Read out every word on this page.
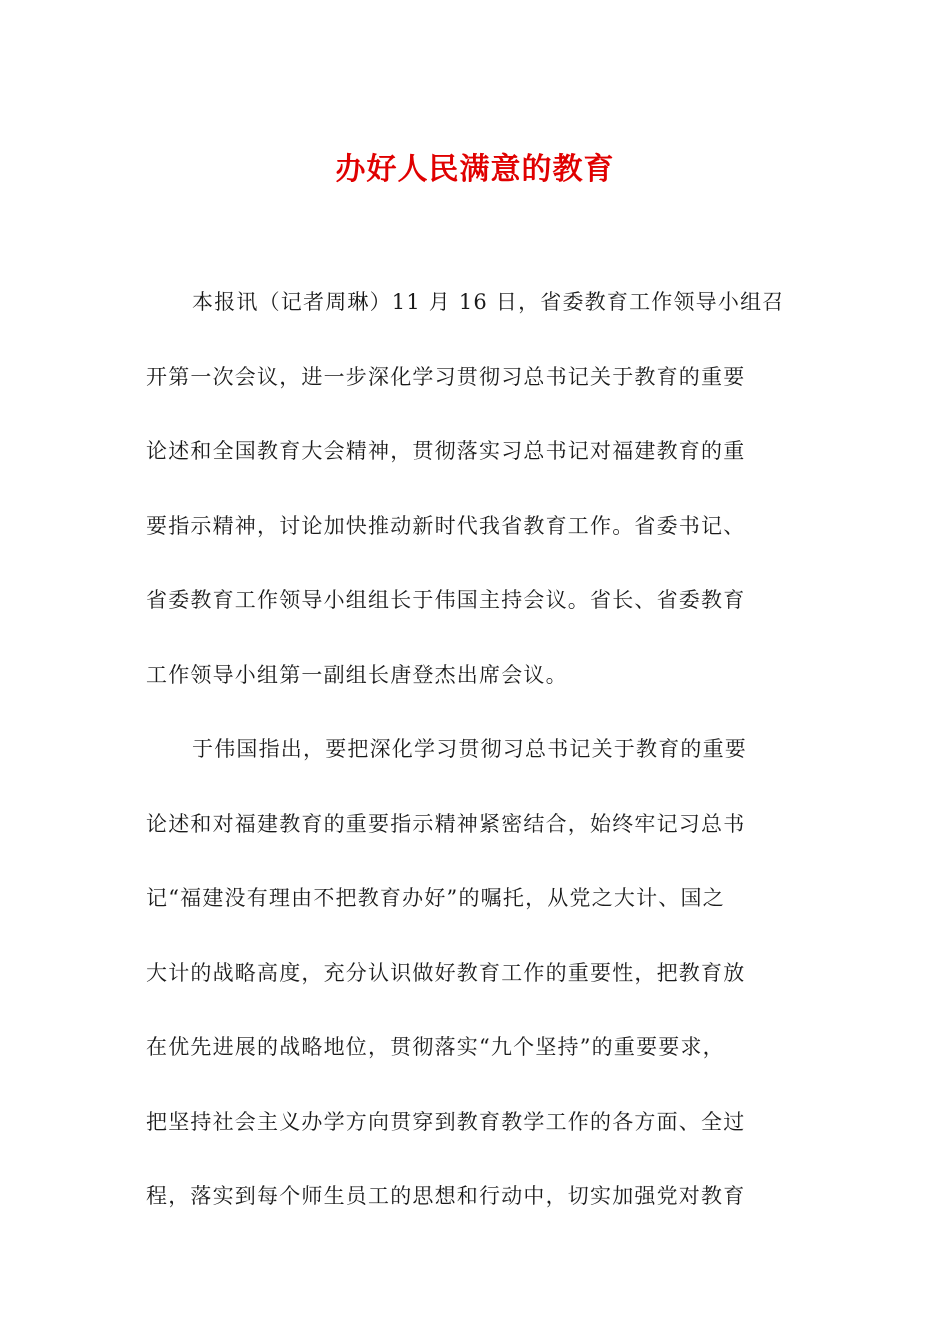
办好人民满意的教育
本报讯（记者周琳）11 月 16 日，省委教育工作领导小组召
开第一次会议，进一步深化学习贯彻习总书记关于教育的重要
论述和全国教育大会精神，贯彻落实习总书记对福建教育的重
要指示精神，讨论加快推动新时代我省教育工作。省委书记、
省委教育工作领导小组组长于伟国主持会议。省长、省委教育
工作领导小组第一副组长唐登杰出席会议。
于伟国指出，要把深化学习贯彻习总书记关于教育的重要
论述和对福建教育的重要指示精神紧密结合，始终牢记习总书
记“福建没有理由不把教育办好”的嘱托，从党之大计、国之
大计的战略高度，充分认识做好教育工作的重要性，把教育放
在优先进展的战略地位，贯彻落实“九个坚持”的重要要求，
把坚持社会主义办学方向贯穿到教育教学工作的各方面、全过
程，落实到每个师生员工的思想和行动中，切实加强党对教育
